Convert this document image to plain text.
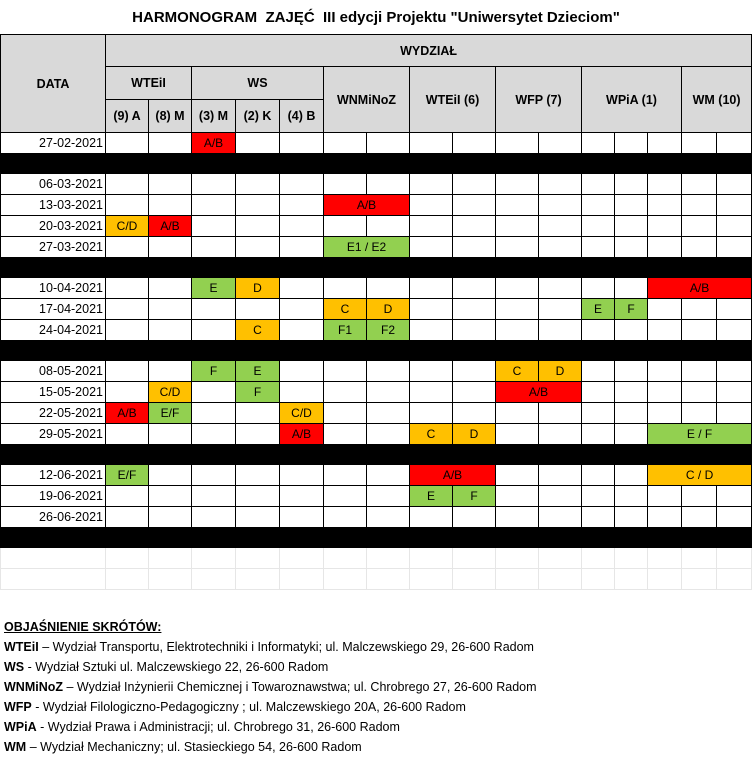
HARMONOGRAM  ZAJĘĆ  III edycji Projektu "Uniwersytet Dzieciom"
DATA	WYDZIAŁ															
	WTEiI		WS			WNMiNoZ		WTEiI (6)		WFP (7)		WPiA (1)			WM (10)	
	(9) A	(8) M	(3) M	(2) K	(4) B											
27-02-2021			A/B													

06-03-2021																
13-03-2021						A/B										
20-03-2021	C/D	A/B														
27-03-2021						E1 / E2										

10-04-2021			E	D										A/B		
17-04-2021						C	D					E	F			
24-04-2021				C		F1	F2									

08-05-2021			F	E						C	D					
15-05-2021		C/D		F						A/B						
22-05-2021	A/B	E/F			C/D											
29-05-2021					A/B			C	D					E / F		

12-06-2021	E/F							A/B						C / D		
19-06-2021								E	F							
26-06-2021																

OBJAŚNIENIE SKRÓTÓW:
WTEiI – Wydział Transportu, Elektrotechniki i Informatyki; ul. Malczewskiego 29, 26-600 Radom
WS - Wydział Sztuki ul. Malczewskiego 22, 26-600 Radom
WNMiNoZ – Wydział Inżynierii Chemicznej i Towaroznawstwa; ul. Chrobrego 27, 26-600 Radom
WFP - Wydział Filologiczno-Pedagogiczny ; ul. Malczewskiego 20A, 26-600 Radom
WPiA - Wydział Prawa i Administracji; ul. Chrobrego 31, 26-600 Radom
WM – Wydział Mechaniczny; ul. Stasieckiego 54, 26-600 Radom
